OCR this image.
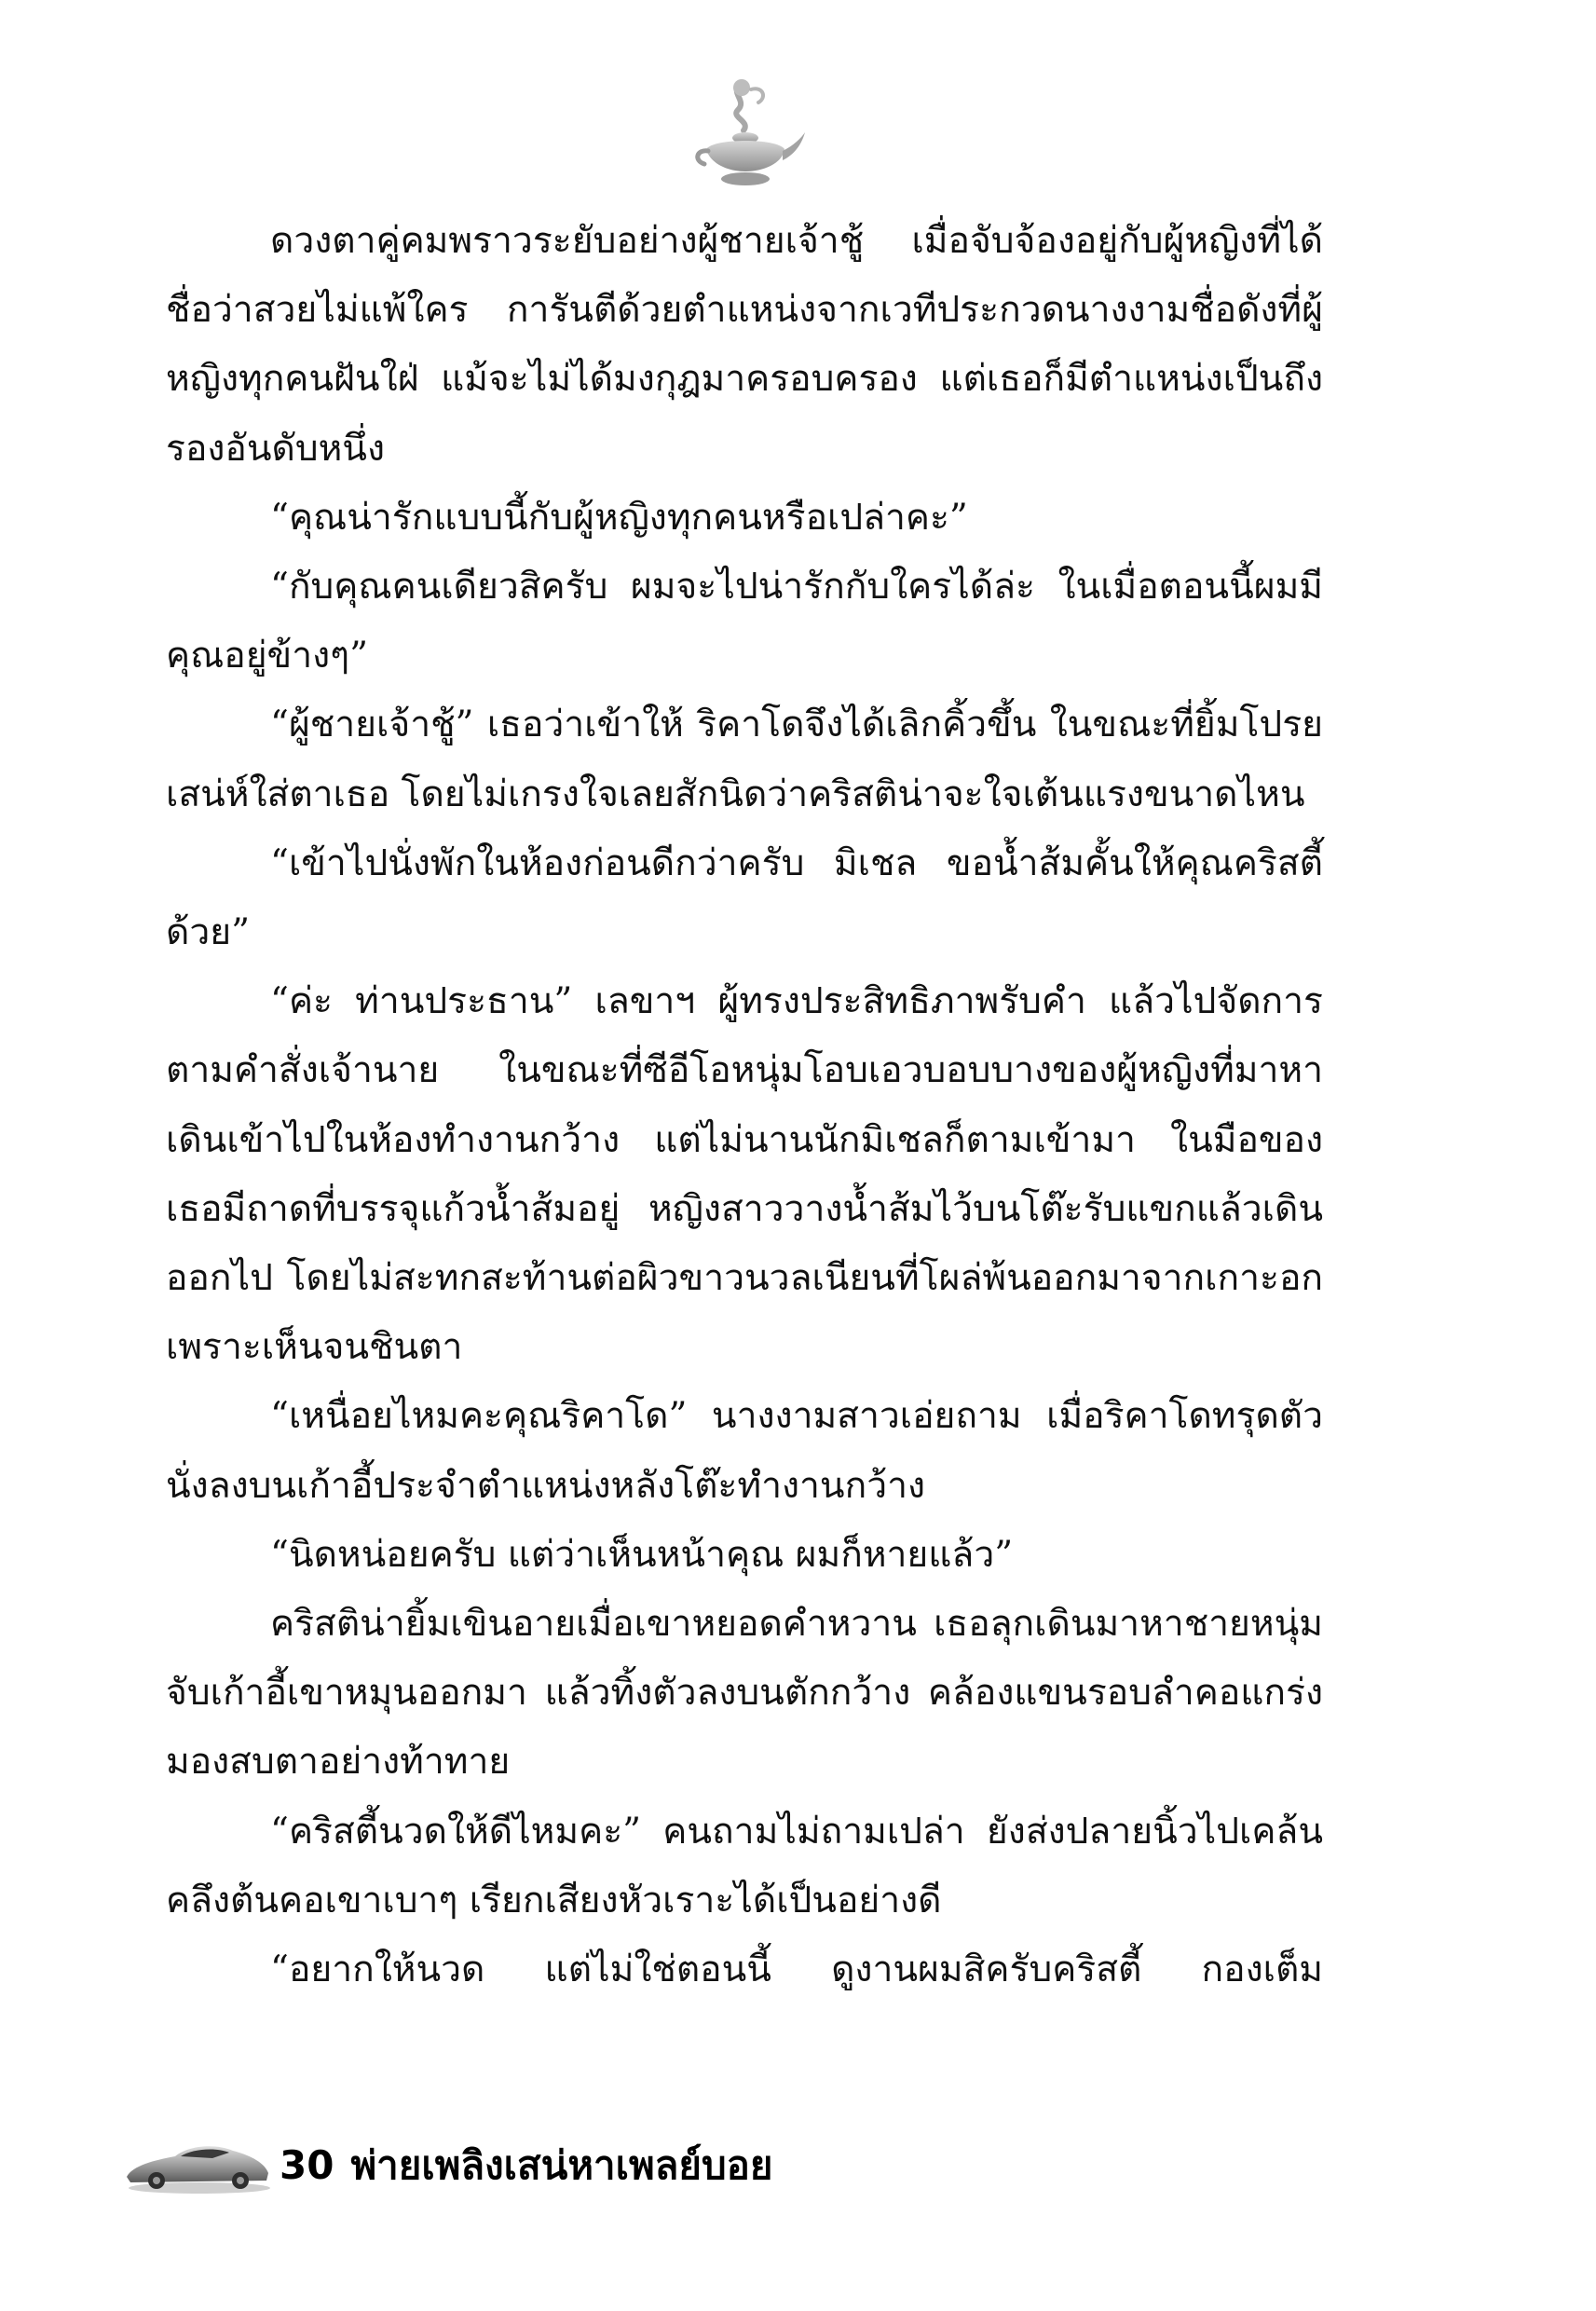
ดวงตาคู่คมพราวระยับอย่างผู้ชายเจ้าชู้ เมื่อจับจ้องอยู่กับผู้หญิงที่ได้ชื่อว่าสวยไม่แพ้ใคร การันตีด้วยตำแหน่งจากเวทีประกวดนางงามชื่อดังที่ผู้หญิงทุกคนฝันใฝ่ แม้จะไม่ได้มงกุฎมาครอบครอง แต่เธอก็มีตำแหน่งเป็นถึงรองอันดับหนึ่ง

“คุณน่ารักแบบนี้กับผู้หญิงทุกคนหรือเปล่าคะ”

“กับคุณคนเดียวสิครับ ผมจะไปน่ารักกับใครได้ล่ะ ในเมื่อตอนนี้ผมมีคุณอยู่ข้างๆ”

“ผู้ชายเจ้าชู้” เธอว่าเข้าให้ ริคาโดจึงได้เลิกคิ้วขึ้น ในขณะที่ยิ้มโปรยเสน่ห์ใส่ตาเธอ โดยไม่เกรงใจเลยสักนิดว่าคริสติน่าจะใจเต้นแรงขนาดไหน

“เข้าไปนั่งพักในห้องก่อนดีกว่าครับ มิเชล ขอน้ำส้มคั้นให้คุณคริสตี้ด้วย”

“ค่ะ ท่านประธาน” เลขาฯ ผู้ทรงประสิทธิภาพรับคำ แล้วไปจัดการตามคำสั่งเจ้านาย ในขณะที่ซีอีโอหนุ่มโอบเอวบอบบางของผู้หญิงที่มาหาเดินเข้าไปในห้องทำงานกว้าง แต่ไม่นานนักมิเชลก็ตามเข้ามา ในมือของเธอมีถาดที่บรรจุแก้วน้ำส้มอยู่ หญิงสาววางน้ำส้มไว้บนโต๊ะรับแขกแล้วเดินออกไป โดยไม่สะทกสะท้านต่อผิวขาวนวลเนียนที่โผล่พ้นออกมาจากเกาะอกเพราะเห็นจนชินตา

“เหนื่อยไหมคะคุณริคาโด” นางงามสาวเอ่ยถาม เมื่อริคาโดทรุดตัวนั่งลงบนเก้าอี้ประจำตำแหน่งหลังโต๊ะทำงานกว้าง

“นิดหน่อยครับ แต่ว่าเห็นหน้าคุณ ผมก็หายแล้ว”

คริสติน่ายิ้มเขินอายเมื่อเขาหยอดคำหวาน เธอลุกเดินมาหาชายหนุ่ม จับเก้าอี้เขาหมุนออกมา แล้วทิ้งตัวลงบนตักกว้าง คล้องแขนรอบลำคอแกร่ง มองสบตาอย่างท้าทาย

“คริสตี้นวดให้ดีไหมคะ” คนถามไม่ถามเปล่า ยังส่งปลายนิ้วไปเคล้นคลึงต้นคอเขาเบาๆ เรียกเสียงหัวเราะได้เป็นอย่างดี

“อยากให้นวด แต่ไม่ใช่ตอนนี้ ดูงานผมสิครับคริสตี้ กองเต็ม

30 พ่ายเพลิงเสน่หาเพลย์บอย
